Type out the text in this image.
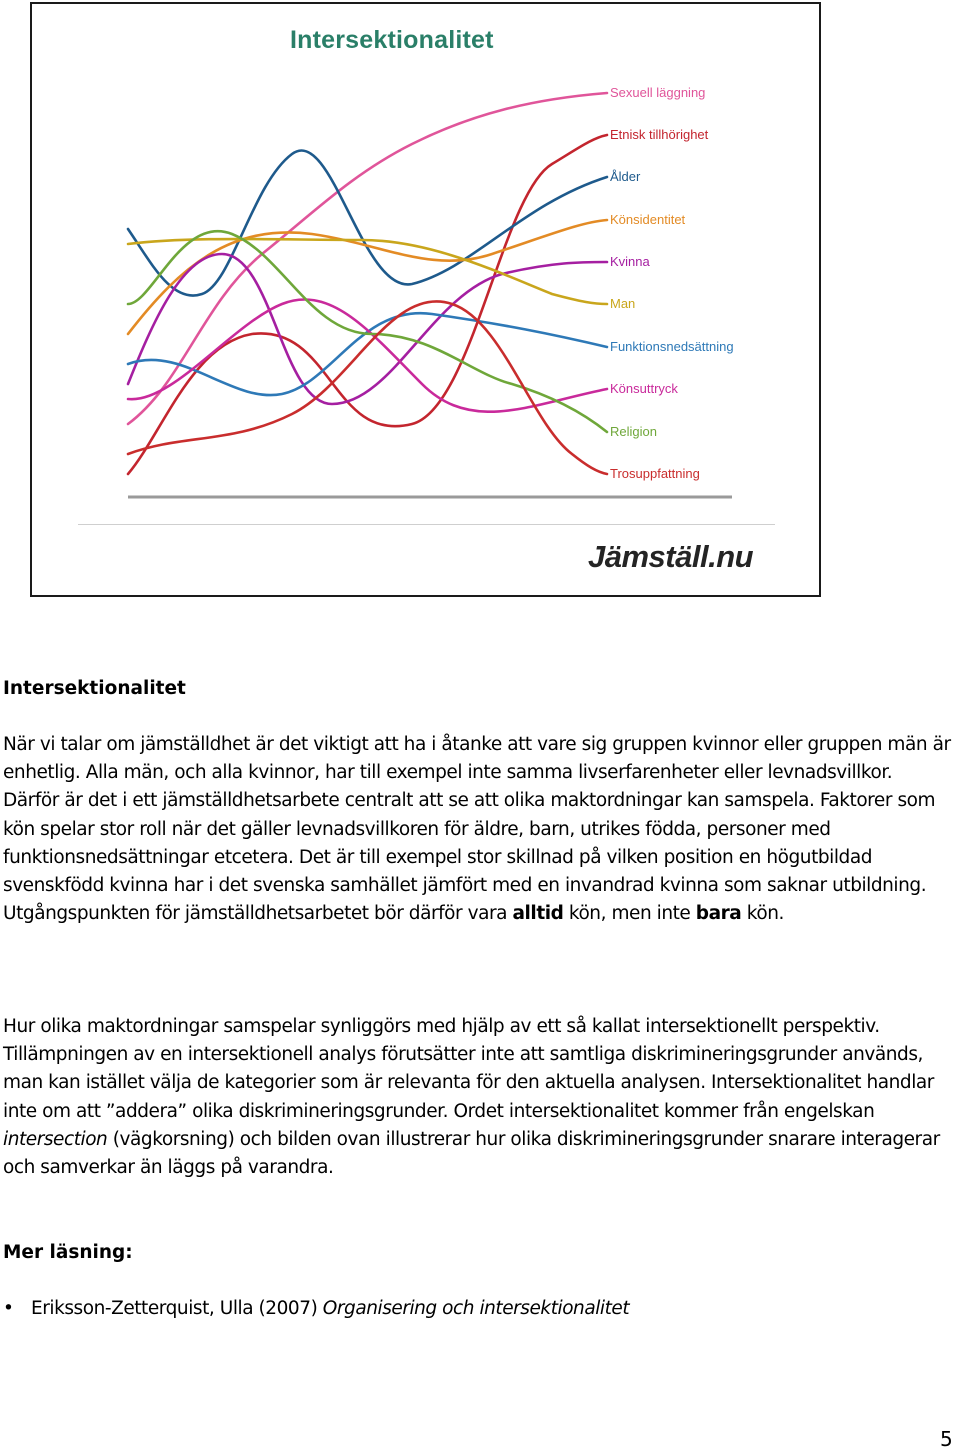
Intersektionalitet
Sexuell läggning
Etnisk tillhörighet
Ålder
Könsidentitet
Kvinna
Man
Funktionsnedsättning
Könsuttryck
Religion
Trosuppfattning
Jämställ.nu
Intersektionalitet
När vi talar om jämställdhet är det viktigt att ha i åtanke att vare sig gruppen kvinnor eller gruppen män är enhetlig. Alla män, och alla kvinnor, har till exempel inte samma livserfarenheter eller levnadsvillkor. Därför är det i ett jämställdhetsarbete centralt att se att olika maktordningar kan samspela. Faktorer som kön spelar stor roll när det gäller levnadsvillkoren för äldre, barn, utrikes födda, personer med funktionsnedsättningar etcetera. Det är till exempel stor skillnad på vilken position en högutbildad svenskfödd kvinna har i det svenska samhället jämfört med en invandrad kvinna som saknar utbildning. Utgångspunkten för jämställdhetsarbetet bör därför vara alltid kön, men inte bara kön.
Hur olika maktordningar samspelar synliggörs med hjälp av ett så kallat intersektionellt perspektiv. Tillämpningen av en intersektionell analys förutsätter inte att samtliga diskrimineringsgrunder används, man kan istället välja de kategorier som är relevanta för den aktuella analysen. Intersektionalitet handlar inte om att ”addera” olika diskrimineringsgrunder. Ordet intersektionalitet kommer från engelskan intersection (vägkorsning) och bilden ovan illustrerar hur olika diskrimineringsgrunder snarare interagerar och samverkar än läggs på varandra.
Mer läsning:
• Eriksson-Zetterquist, Ulla (2007) Organisering och intersektionalitet
5
